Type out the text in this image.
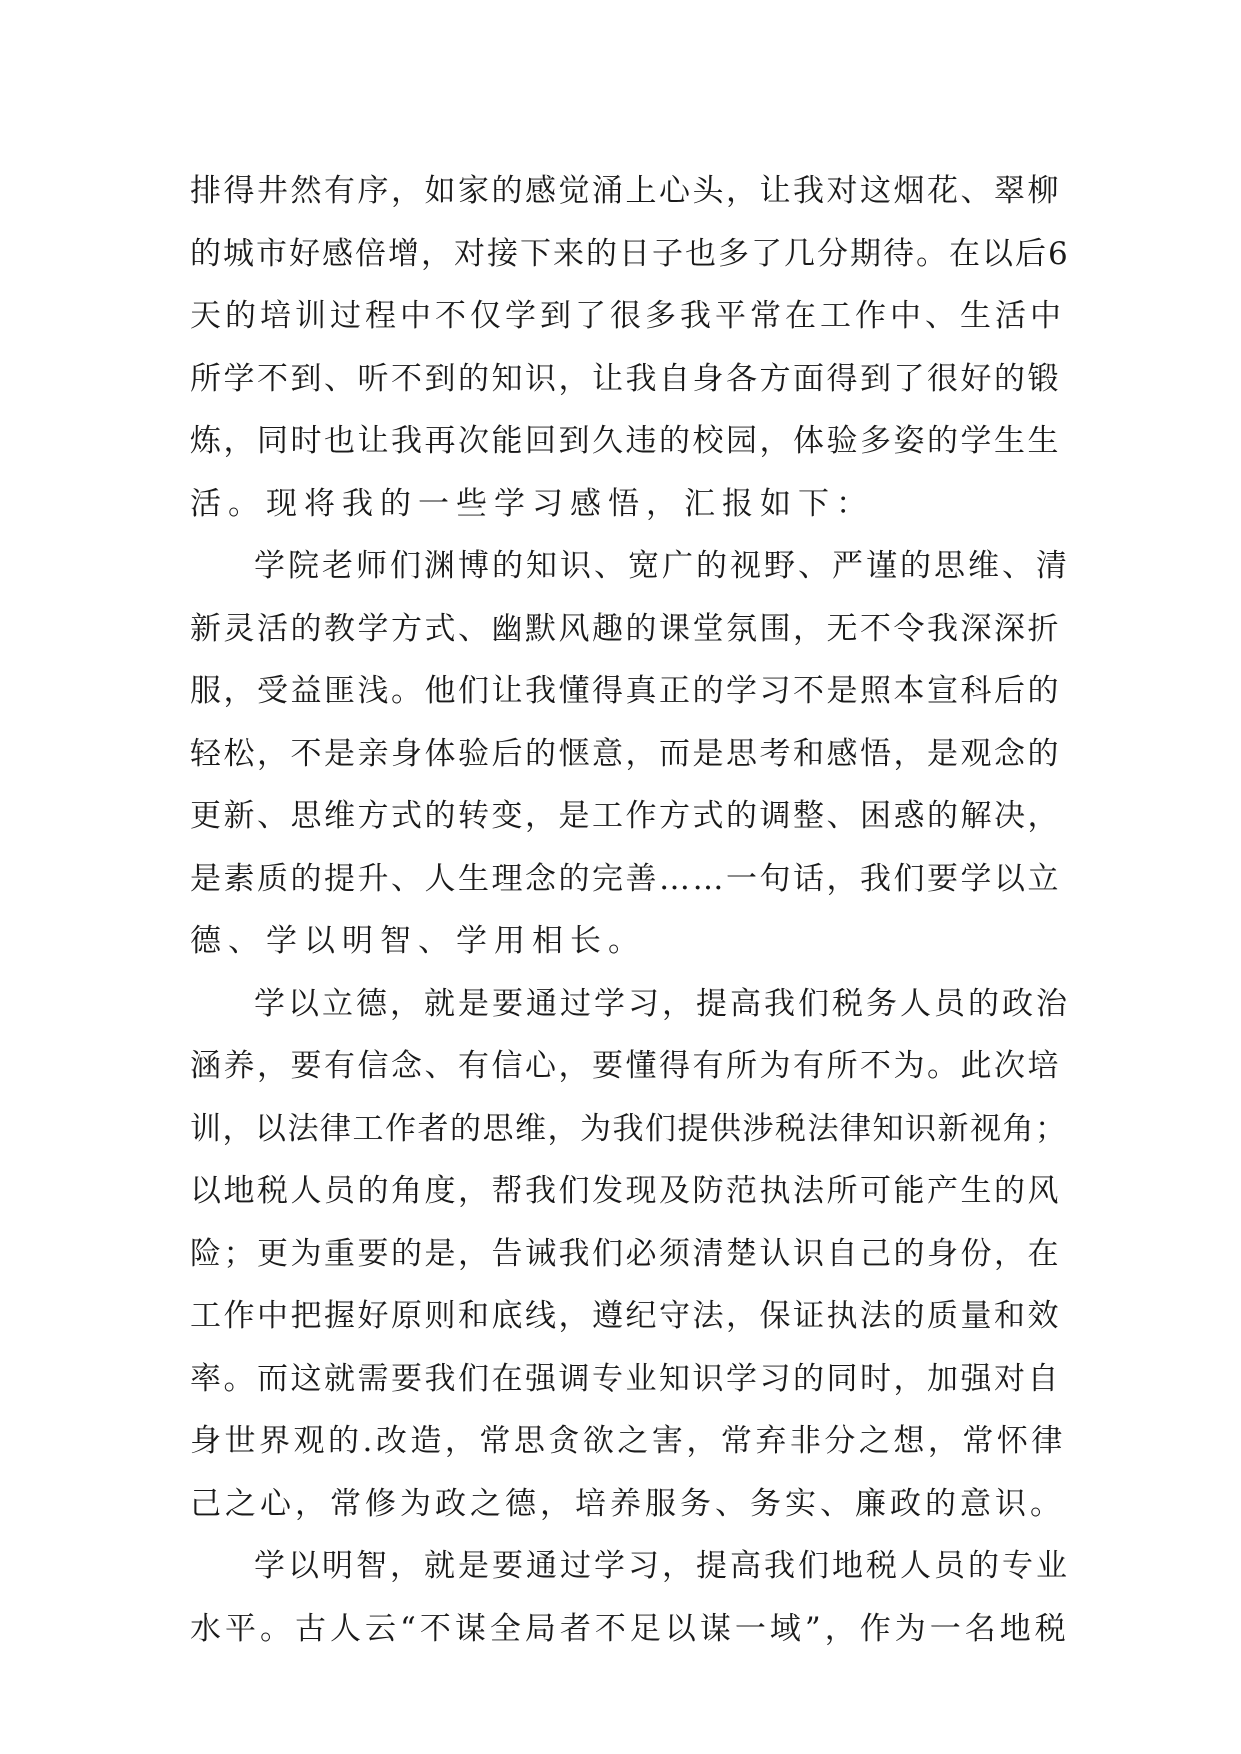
排得井然有序，如家的感觉涌上心头，让我对这烟花、翠柳
的城市好感倍增，对接下来的日子也多了几分期待。在以后6
天的培训过程中不仅学到了很多我平常在工作中、生活中
所学不到、听不到的知识，让我自身各方面得到了很好的锻
炼，同时也让我再次能回到久违的校园，体验多姿的学生生
活。现将我的一些学习感悟，汇报如下：
学院老师们渊博的知识、宽广的视野、严谨的思维、清
新灵活的教学方式、幽默风趣的课堂氛围，无不令我深深折
服，受益匪浅。他们让我懂得真正的学习不是照本宣科后的
轻松，不是亲身体验后的惬意，而是思考和感悟，是观念的
更新、思维方式的转变，是工作方式的调整、困惑的解决，
是素质的提升、人生理念的完善……一句话，我们要学以立
德、学以明智、学用相长。
学以立德，就是要通过学习，提高我们税务人员的政治
涵养，要有信念、有信心，要懂得有所为有所不为。此次培
训，以法律工作者的思维，为我们提供涉税法律知识新视角；
以地税人员的角度，帮我们发现及防范执法所可能产生的风
险；更为重要的是，告诫我们必须清楚认识自己的身份，在
工作中把握好原则和底线，遵纪守法，保证执法的质量和效
率。而这就需要我们在强调专业知识学习的同时，加强对自
身世界观的.改造，常思贪欲之害，常弃非分之想，常怀律
己之心，常修为政之德，培养服务、务实、廉政的意识。
学以明智，就是要通过学习，提高我们地税人员的专业
水平。古人云“不谋全局者不足以谋一域”，作为一名地税
